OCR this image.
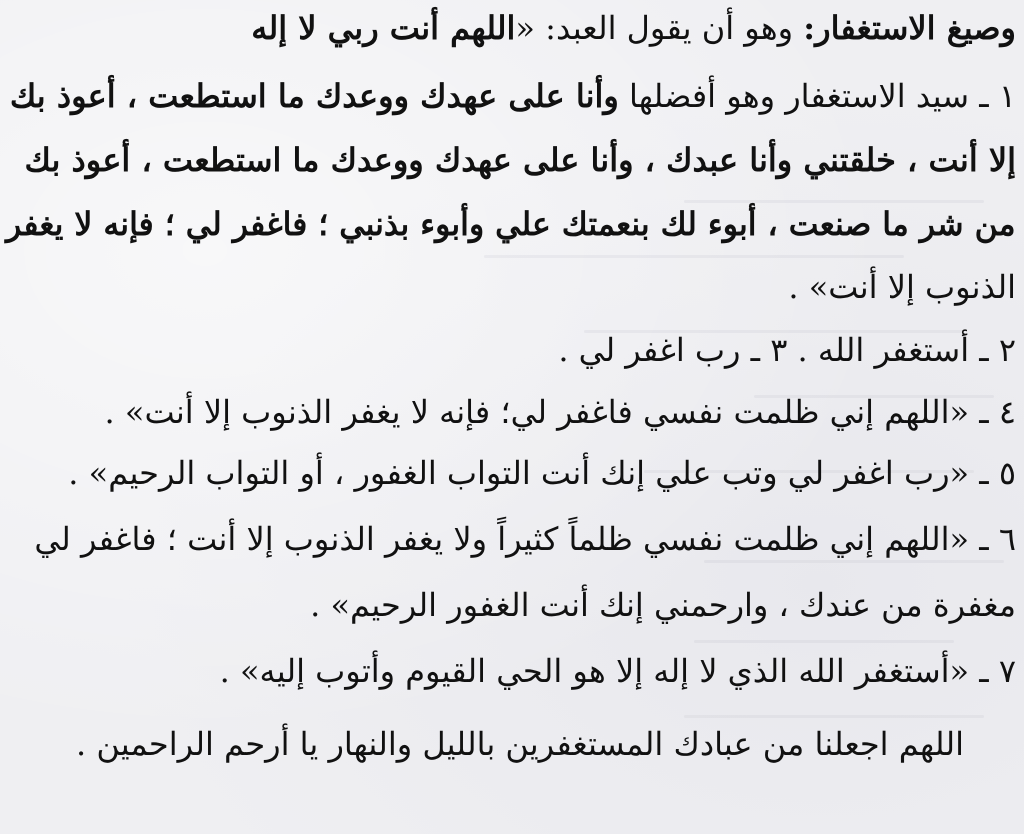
وصيغ الاستغفار: وهو أن يقول العبد: «اللهم أنت ربي لا إله
١ ـ سيد الاستغفار وهو أفضلها وأنا على عهدك ووعدك ما استطعت ، أعوذ بك
إلا أنت ، خلقتني وأنا عبدك ، وأنا على عهدك ووعدك ما استطعت ، أعوذ بك
من شر ما صنعت ، أبوء لك بنعمتك علي وأبوء بذنبي ؛ فاغفر لي ؛ فإنه لا يغفر
الذنوب إلا أنت» .
٢ ـ أستغفر الله . ٣ ـ رب اغفر لي .
٤ ـ «اللهم إني ظلمت نفسي فاغفر لي؛ فإنه لا يغفر الذنوب إلا أنت» .
٥ ـ «رب اغفر لي وتب علي إنك أنت التواب الغفور ، أو التواب الرحيم» .
٦ ـ «اللهم إني ظلمت نفسي ظلماً كثيراً ولا يغفر الذنوب إلا أنت ؛ فاغفر لي
مغفرة من عندك ، وارحمني إنك أنت الغفور الرحيم» .
٧ ـ «أستغفر الله الذي لا إله إلا هو الحي القيوم وأتوب إليه» .
اللهم اجعلنا من عبادك المستغفرين بالليل والنهار يا أرحم الراحمين .
